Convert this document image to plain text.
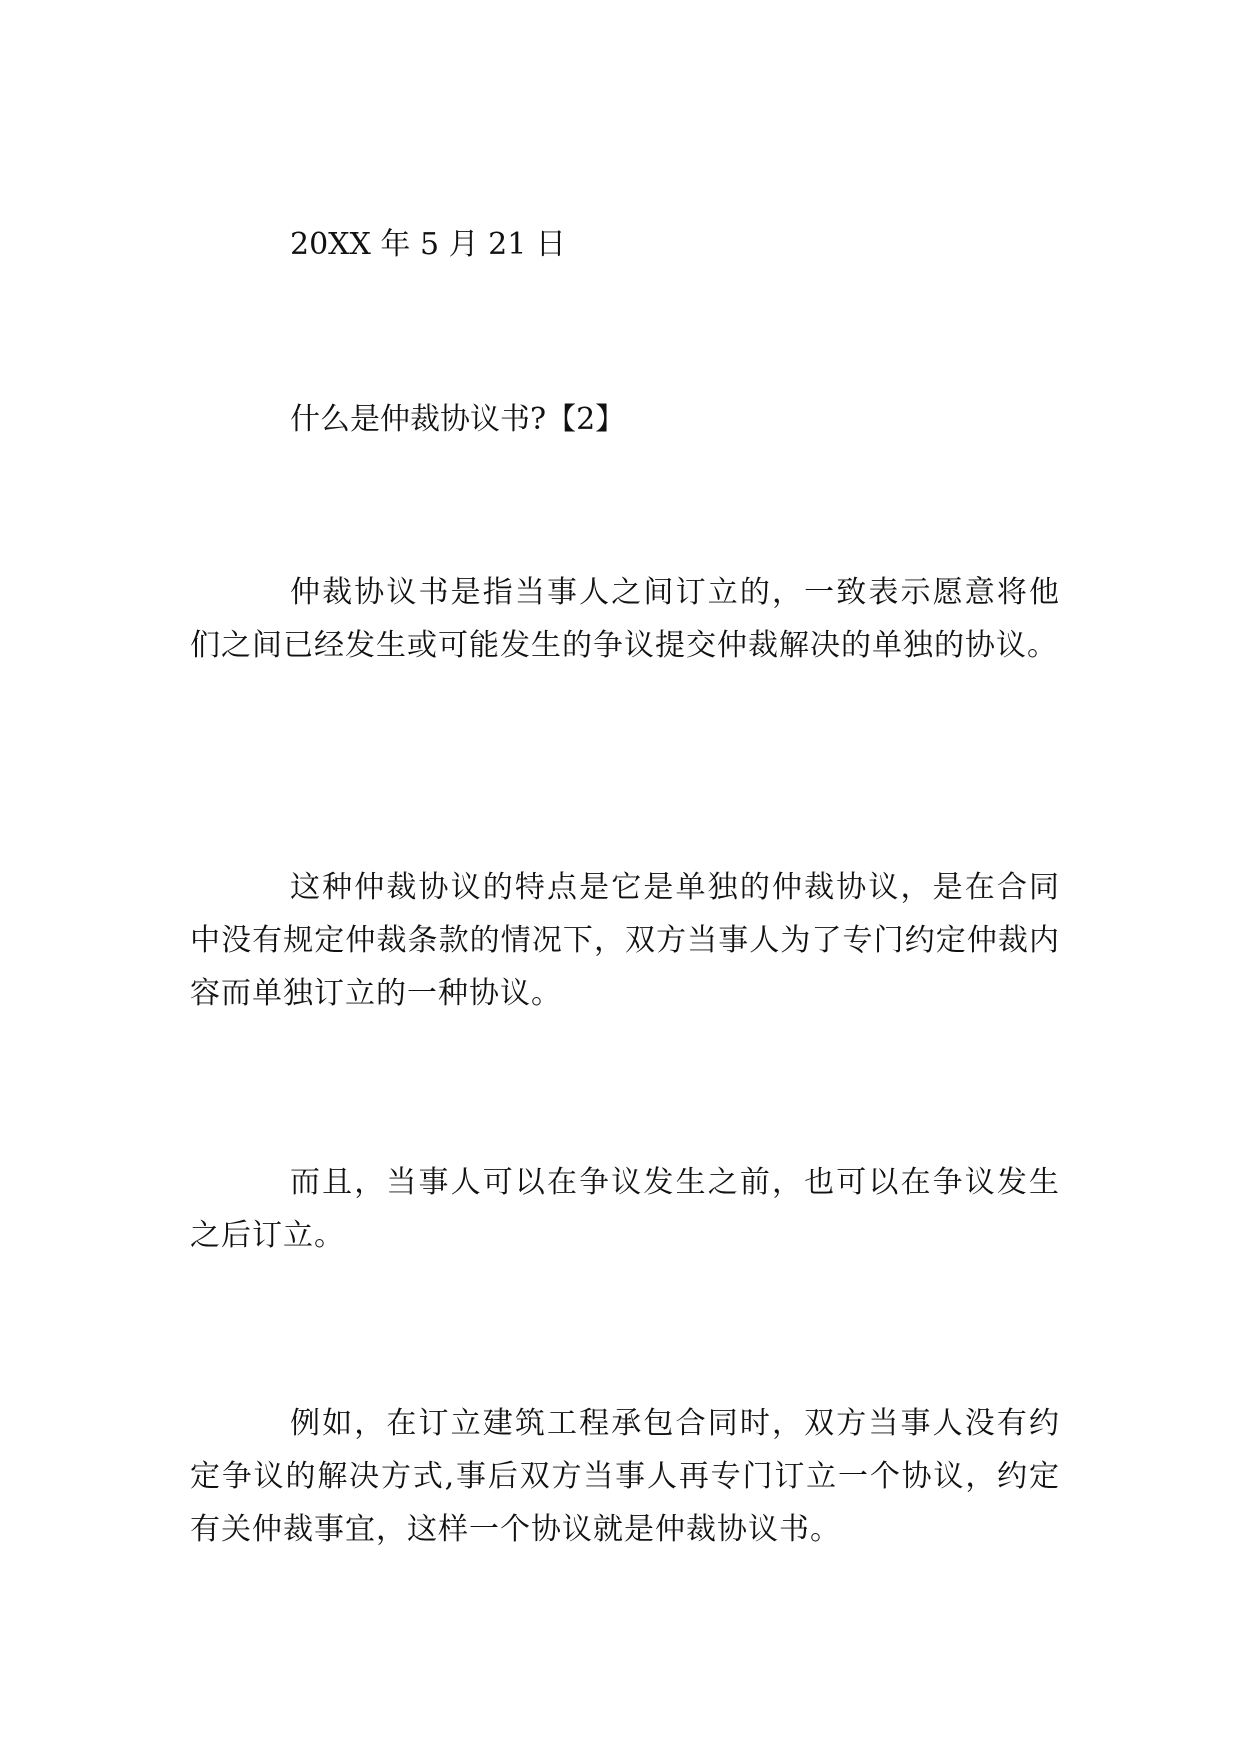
20XX 年 5 月 21 日
什么是仲裁协议书?【2】
仲裁协议书是指当事人之间订立的，一致表示愿意将他们之间已经发生或可能发生的争议提交仲裁解决的单独的协议。
这种仲裁协议的特点是它是单独的仲裁协议，是在合同中没有规定仲裁条款的情况下，双方当事人为了专门约定仲裁内容而单独订立的一种协议。
而且，当事人可以在争议发生之前，也可以在争议发生之后订立。
例如，在订立建筑工程承包合同时，双方当事人没有约定争议的解决方式,事后双方当事人再专门订立一个协议，约定有关仲裁事宜，这样一个协议就是仲裁协议书。
